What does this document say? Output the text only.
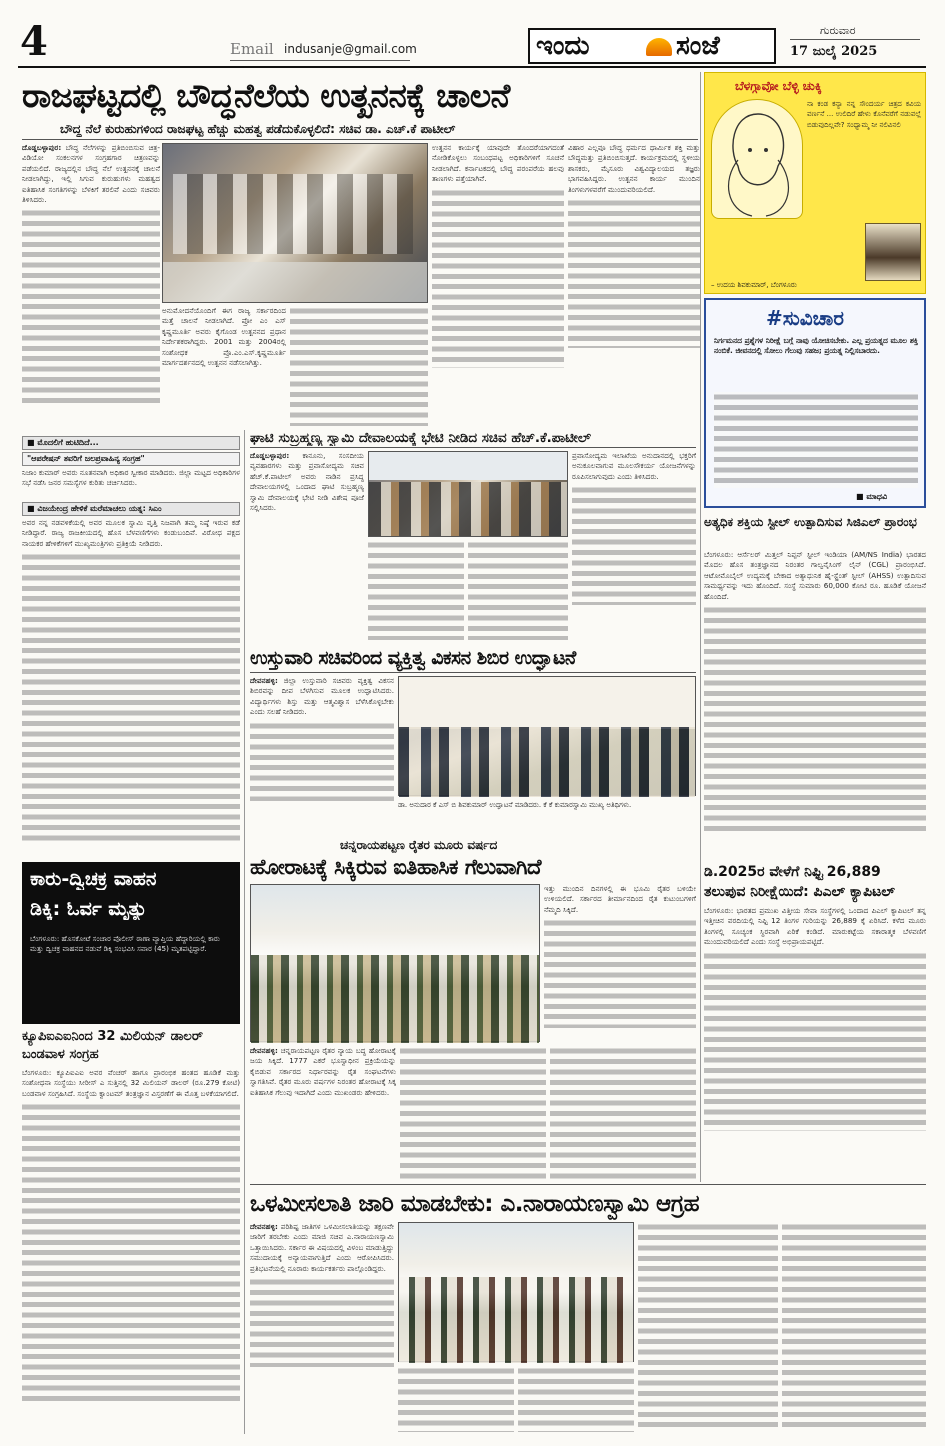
4	Email indusanje@gmail.com	ಇಂದು	ಸಂಜೆ
ಗುರುವಾರ
17 ಜುಲೈ 2025
ರಾಜಘಟ್ಟದಲ್ಲಿ ಬೌದ್ಧನೆಲೆಯ ಉತ್ಖನನಕ್ಕೆ ಚಾಲನೆ
ಬೌದ್ಧ ನೆಲೆ ಕುರುಹುಗಳಿಂದ ರಾಜಘಟ್ಟ ಹೆಚ್ಚು ಮಹತ್ವ ಪಡೆದುಕೊಳ್ಳಲಿದೆ: ಸಚಿವ ಡಾ. ಎಚ್.ಕೆ ಪಾಟೀಲ್
ದೊಡ್ಡಬಳ್ಳಾಪುರ: ಬೌದ್ಧ ನೆಲೆಗಳನ್ನು ಪ್ರತಿಬಿಂಬಿಸುವ ಚಿತ್ರ-ವಿಡಿಯೋ ಸಂಕಲನಗಳ ಸಂಗ್ರಹಗಾರ ಚಿತ್ರಣವನ್ನು ಪಡೆಯಲಿದೆ. ರಾಜ್ಯದಲ್ಲಿನ ಬೌದ್ಧ ನೆಲೆ ಉತ್ಖನನಕ್ಕೆ ಚಾಲನೆ ನೀಡಲಾಗಿದ್ದು, ಇಲ್ಲಿ ಸಿಗುವ ಕುರುಹುಗಳು ಮಹತ್ವದ ಐತಿಹಾಸಿಕ ಸಂಗತಿಗಳನ್ನು ಬೆಳಕಿಗೆ ತರಲಿವೆ ಎಂದು ಸಚಿವರು ತಿಳಿಸಿದರು.
ಅನುಮೋದನೆಯೊಂದಿಗೆ ಈಗ ರಾಜ್ಯ ಸರ್ಕಾರದಿಂದ ಮತ್ತೆ ಚಾಲನೆ ನೀಡಲಾಗಿದೆ. ಪ್ರೋ ಎಂ ಎಸ್ ಕೃಷ್ಣಮೂರ್ತಿ ಅವರು ಕೈಗೊಂಡ ಉತ್ಖನನದ ಪ್ರಧಾನ ನಿರ್ದೇಶಕರಾಗಿದ್ದರು. 2001 ಮತ್ತು 2004ರಲ್ಲಿ ಸಂಶೋಧಕ ಪ್ರೊ.ಎಂ.ಎಸ್.ಕೃಷ್ಣಮೂರ್ತಿ ಮಾರ್ಗದರ್ಶನದಲ್ಲಿ ಉತ್ಖನನ ನಡೆಸಲಾಗಿತ್ತು.
ಉತ್ಖನನ ಕಾರ್ಯಕ್ಕೆ ಯಾವುದೇ ತೊಂದರೆಯಾಗದಂತೆ ನೋಡಿಕೊಳ್ಳಲು ಸಂಬಂಧಪಟ್ಟ ಅಧಿಕಾರಿಗಳಿಗೆ ಸೂಚನೆ ನೀಡಲಾಗಿದೆ. ಕರ್ನಾಟಕದಲ್ಲಿ ಬೌದ್ಧ ಪರಂಪರೆಯ ಹಲವು ತಾಣಗಳು ಪತ್ತೆಯಾಗಿವೆ.
ವಿಹಾರ ಎಲ್ಲವೂ ಬೌದ್ಧ ಧರ್ಮದ ಧಾರ್ಮಿಕ ಶಕ್ತಿ ಮತ್ತು ಬೌದ್ಧಮತ್ತು ಪ್ರತಿಬಿಂಬಿಸುತ್ತದೆ. ಕಾರ್ಯಕ್ರಮದಲ್ಲಿ ಸ್ಥಳೀಯ ಶಾಸಕರು, ಮೈಸೂರು ವಿಶ್ವವಿದ್ಯಾಲಯದ ತಜ್ಞರು ಭಾಗವಹಿಸಿದ್ದರು. ಉತ್ಖನನ ಕಾರ್ಯ ಮುಂದಿನ ತಿಂಗಳುಗಳವರೆಗೆ ಮುಂದುವರಿಯಲಿದೆ.
ಬೆಳಗ್ಗಾವೋ ಬೆಳ್ಳಿ ಚುಕ್ಕಿ
ನಾ ಕಂಡ ಕನ್ಯಾ ನನ್ನ ಸೌಂದರ್ಯ ಚಿತ್ರದ ಕವಿಯ ವರ್ಣನೆ ... ಉಲಿದಿರೆ ಹೇಳು ಕೊನೆವರೆಗೆ ನಡುವಲ್ಲೆ ಬಿಡುವುದಿಲ್ಲವೇ? ಸಂಧ್ಯಾಮ್ಮ ನೀ ನಲಿವಿನಲಿ
– ಉದಯ ಶಿವಕುಮಾರ್, ಬೆಂಗಳೂರು
#ಸುವಿಚಾರ
ನಿರ್ಗಮನದ ಪ್ರಶ್ನೆಗಳ ನಿರೀಕ್ಷೆ ಬಗ್ಗೆ ನಾವು ಯೋಚಿಸಬೇಕು. ಎಲ್ಲ ಪ್ರಯತ್ನದ ಮೂಲ ಶಕ್ತಿ ನಂಬಿಕೆ. ಜೀವನದಲ್ಲಿ ಸೋಲು ಗೆಲುವು ಸಹಜ; ಪ್ರಯತ್ನ ನಿಲ್ಲಿಸಬಾರದು.
■ ಮಾಧವಿ
■ ಮೊದಲಿಗೆ ಹುಟಿದಿದೆ...
"ಆಪರೇಷನ್ ತವರಿಗೆ ಜಲಪ್ರವಾಹಿನ್ಯ ಸಂಗ್ರಹ"
ನಿಜಾಂ ಕುಮಾರ್ ಅವರು ನೂತನವಾಗಿ ಅಧಿಕಾರ ಸ್ವೀಕಾರ ಮಾಡಿದರು. ಜಿಲ್ಲಾ ಮಟ್ಟದ ಅಧಿಕಾರಿಗಳ ಸಭೆ ನಡೆಸಿ ಜನರ ಸಮಸ್ಯೆಗಳ ಕುರಿತು ಚರ್ಚಿಸಿದರು.
■ ವಿಜಯೇಂದ್ರ ಹೇಳಿಕೆ ಮರೆಮಾಚಲು ಯತ್ನ: ಸಿಎಂ
ಅವರ ನನ್ನ ನಡವಳಿಕೆಯಲ್ಲಿ ಅವರ ಮೂಲಕ ಸ್ವಾಮಿ ವೃತ್ತಿ ನಿಜವಾಗಿ ತಮ್ಮ ನಿಷ್ಠೆ ಇರುವ ಕಡೆ ನೀಡಿದ್ದಾರೆ. ರಾಜ್ಯ ರಾಜಕೀಯದಲ್ಲಿ ಹೊಸ ಬೆಳವಣಿಗೆಗಳು ಕಂಡುಬಂದಿವೆ. ವಿರೋಧ ಪಕ್ಷದ ನಾಯಕರ ಹೇಳಿಕೆಗಳಿಗೆ ಮುಖ್ಯಮಂತ್ರಿಗಳು ಪ್ರತಿಕ್ರಿಯೆ ನೀಡಿದರು.
ಘಾಟಿ ಸುಬ್ರಹ್ಮಣ್ಯ ಸ್ವಾಮಿ ದೇವಾಲಯಕ್ಕೆ ಭೇಟಿ ನೀಡಿದ ಸಚಿವ ಹೆಚ್.ಕೆ.ಪಾಟೀಲ್
ದೊಡ್ಡಬಳ್ಳಾಪುರ: ಕಾನೂನು, ಸಂಸದೀಯ ವ್ಯವಹಾರಗಳು ಮತ್ತು ಪ್ರವಾಸೋದ್ಯಮ ಸಚಿವ ಹೆಚ್.ಕೆ.ಪಾಟೀಲ್ ಅವರು ನಾಡಿನ ಪ್ರಸಿದ್ಧ ದೇವಾಲಯಗಳಲ್ಲಿ ಒಂದಾದ ಘಾಟಿ ಸುಬ್ರಹ್ಮಣ್ಯ ಸ್ವಾಮಿ ದೇವಾಲಯಕ್ಕೆ ಭೇಟಿ ನೀಡಿ ವಿಶೇಷ ಪೂಜೆ ಸಲ್ಲಿಸಿದರು.
ಪ್ರವಾಸೋದ್ಯಮ ಇಲಾಖೆಯ ಅನುದಾನದಲ್ಲಿ ಭಕ್ತರಿಗೆ ಅನುಕೂಲವಾಗುವ ಮೂಲಸೌಕರ್ಯ ಯೋಜನೆಗಳನ್ನು ರೂಪಿಸಲಾಗುವುದು ಎಂದು ತಿಳಿಸಿದರು.
ಅತ್ಯಧಿಕ ಶಕ್ತಿಯ ಸ್ಟೀಲ್ ಉತ್ಪಾದಿಸುವ ಸಿಜಿಎಲ್ ಪ್ರಾರಂಭ
ಬೆಂಗಳೂರು: ಆರ್ಸೆಲರ್ ಮಿತ್ತಲ್ ನಿಪ್ಪನ್ ಸ್ಟೀಲ್ ಇಂಡಿಯಾ (AM/NS India) ಭಾರತದ ಮೊದಲ ಹೊಸ ತಂತ್ರಜ್ಞಾನದ ನಿರಂತರ ಗಾಲ್ವನೈಸಿಂಗ್ ಲೈನ್ (CGL) ಪ್ರಾರಂಭಿಸಿದೆ. ಆಟೋಮೊಬೈಲ್ ಉದ್ಯಮಕ್ಕೆ ಬೇಕಾದ ಅತ್ಯಾಧುನಿಕ ಹೈ-ಸ್ಟ್ರೆಂತ್ ಸ್ಟೀಲ್ (AHSS) ಉತ್ಪಾದಿಸುವ ಸಾಮರ್ಥ್ಯವನ್ನು ಇದು ಹೊಂದಿದೆ. ಸಂಸ್ಥೆ ಸುಮಾರು 60,000 ಕೋಟಿ ರೂ. ಹೂಡಿಕೆ ಯೋಜನೆ ಹೊಂದಿದೆ.
ಉಸ್ತುವಾರಿ ಸಚಿವರಿಂದ ವ್ಯಕ್ತಿತ್ವ ವಿಕಸನ ಶಿಬಿರ ಉದ್ಘಾಟನೆ
ದೇವನಹಳ್ಳಿ: ಜಿಲ್ಲಾ ಉಸ್ತುವಾರಿ ಸಚಿವರು ವ್ಯಕ್ತಿತ್ವ ವಿಕಸನ ಶಿಬಿರವನ್ನು ದೀಪ ಬೆಳಗಿಸುವ ಮೂಲಕ ಉದ್ಘಾಟಿಸಿದರು. ವಿದ್ಯಾರ್ಥಿಗಳು ಶಿಸ್ತು ಮತ್ತು ಆತ್ಮವಿಶ್ವಾಸ ಬೆಳೆಸಿಕೊಳ್ಳಬೇಕು ಎಂದು ಸಲಹೆ ನೀಡಿದರು.
ಡಾ. ಅನುದಾರ ಕೆ ಎಸ್ ಬಿ ಶಿವಕುಮಾರ್ ಉದ್ಘಾಟನೆ ಮಾಡಿದರು. ಕೆ ಕೆ ಕುಮಾರಸ್ವಾಮಿ ಮುಖ್ಯ ಅತಿಥಿಗಳು.
ಚನ್ನರಾಯಪಟ್ಟಣ ರೈತರ ಮೂರು ವರ್ಷದ
ಹೋರಾಟಕ್ಕೆ ಸಿಕ್ಕಿರುವ ಐತಿಹಾಸಿಕ ಗೆಲುವಾಗಿದೆ
ಇತ್ತು ಮುಂದಿನ ದಿನಗಳಲ್ಲಿ ಈ ಭೂಮಿ ರೈತರ ಬಳಿಯೇ ಉಳಿಯಲಿದೆ. ಸರ್ಕಾರದ ತೀರ್ಮಾನದಿಂದ ರೈತ ಕುಟುಂಬಗಳಿಗೆ ನೆಮ್ಮದಿ ಸಿಕ್ಕಿದೆ.
ದೇವನಹಳ್ಳಿ: ಚನ್ನರಾಯಪಟ್ಟಣ ರೈತರ ನ್ಯಾಯ ಬದ್ಧ ಹೋರಾಟಕ್ಕೆ ಜಯ ಸಿಕ್ಕಿದೆ. 1777 ಎಕರೆ ಭೂಸ್ವಾಧೀನ ಪ್ರಕ್ರಿಯೆಯನ್ನು ಕೈಬಿಡುವ ಸರ್ಕಾರದ ನಿರ್ಧಾರವನ್ನು ರೈತ ಸಂಘಟನೆಗಳು ಸ್ವಾಗತಿಸಿವೆ. ರೈತರ ಮೂರು ವರ್ಷಗಳ ನಿರಂತರ ಹೋರಾಟಕ್ಕೆ ಸಿಕ್ಕ ಐತಿಹಾಸಿಕ ಗೆಲುವು ಇದಾಗಿದೆ ಎಂದು ಮುಖಂಡರು ಹೇಳಿದರು.
ಕಾರು-ದ್ವಿಚಕ್ರ ವಾಹನ
ಡಿಕ್ಕಿ: ಓರ್ವ ಮೃತ್ಯು
ಬೆಂಗಳೂರು: ಹೊಸಕೋಟೆ ಸಂಚಾರ ಪೊಲೀಸ್ ಠಾಣಾ ವ್ಯಾಪ್ತಿಯ ಹೆದ್ದಾರಿಯಲ್ಲಿ ಕಾರು ಮತ್ತು ದ್ವಿಚಕ್ರ ವಾಹನದ ನಡುವೆ ಡಿಕ್ಕಿ ಸಂಭವಿಸಿ ಸವಾರ (45) ಮೃತಪಟ್ಟಿದ್ದಾರೆ.
ಕ್ಯೂಪಿಐಎಐನಿಂದ 32 ಮಿಲಿಯನ್ ಡಾಲರ್ ಬಂಡವಾಳ ಸಂಗ್ರಹ
ಬೆಂಗಳೂರು: ಕ್ಯೂಪಿಐಎಐ ಅವರ ವೆಂಚರ್ ಹಾಗೂ ಪ್ರಾರಂಭಿಕ ಹಂತದ ಹೂಡಿಕೆ ಮತ್ತು ಸಂಶೋಧನಾ ಸಂಸ್ಥೆಯು ಸೀರೀಸ್ ಎ ಸುತ್ತಿನಲ್ಲಿ 32 ಮಿಲಿಯನ್ ಡಾಲರ್ (ರೂ.279 ಕೋಟಿ) ಬಂಡವಾಳ ಸಂಗ್ರಹಿಸಿದೆ. ಸಂಸ್ಥೆಯ ಕ್ವಾಂಟಮ್ ತಂತ್ರಜ್ಞಾನ ವಿಸ್ತರಣೆಗೆ ಈ ಮೊತ್ತ ಬಳಕೆಯಾಗಲಿದೆ.
ಡಿ.2025ರ ವೇಳೆಗೆ ನಿಫ್ಟಿ 26,889 ತಲುಪುವ ನಿರೀಕ್ಷೆಯಿದೆ: ಪಿಎಲ್ ಕ್ಯಾಪಿಟಲ್
ಬೆಂಗಳೂರು: ಭಾರತದ ಪ್ರಮುಖ ವಿತ್ತೀಯ ಸೇವಾ ಸಂಸ್ಥೆಗಳಲ್ಲಿ ಒಂದಾದ ಪಿಎಲ್ ಕ್ಯಾಪಿಟಲ್ ತನ್ನ ಇತ್ತೀಚಿನ ವರದಿಯಲ್ಲಿ ನಿಫ್ಟಿ 12 ತಿಂಗಳ ಗುರಿಯನ್ನು 26,889 ಕ್ಕೆ ಏರಿಸಿದೆ. ಕಳೆದ ಮೂರು ತಿಂಗಳಲ್ಲಿ ಸೂಚ್ಯಂಕ ಸ್ಥಿರವಾಗಿ ಏರಿಕೆ ಕಂಡಿದೆ. ಮಾರುಕಟ್ಟೆಯ ಸಕಾರಾತ್ಮಕ ಬೆಳವಣಿಗೆ ಮುಂದುವರಿಯಲಿದೆ ಎಂದು ಸಂಸ್ಥೆ ಅಭಿಪ್ರಾಯಪಟ್ಟಿದೆ.
ಒಳಮೀಸಲಾತಿ ಜಾರಿ ಮಾಡಬೇಕು: ಎ.ನಾರಾಯಣಸ್ವಾಮಿ ಆಗ್ರಹ
ದೇವನಹಳ್ಳಿ: ಪರಿಶಿಷ್ಟ ಜಾತಿಗಳ ಒಳಮೀಸಲಾತಿಯನ್ನು ತಕ್ಷಣವೇ ಜಾರಿಗೆ ತರಬೇಕು ಎಂದು ಮಾಜಿ ಸಚಿವ ಎ.ನಾರಾಯಣಸ್ವಾಮಿ ಒತ್ತಾಯಿಸಿದರು. ಸರ್ಕಾರ ಈ ವಿಷಯದಲ್ಲಿ ವಿಳಂಬ ಮಾಡುತ್ತಿದ್ದು ಸಮುದಾಯಕ್ಕೆ ಅನ್ಯಾಯವಾಗುತ್ತಿದೆ ಎಂದು ಆರೋಪಿಸಿದರು. ಪ್ರತಿಭಟನೆಯಲ್ಲಿ ನೂರಾರು ಕಾರ್ಯಕರ್ತರು ಪಾಲ್ಗೊಂಡಿದ್ದರು.
